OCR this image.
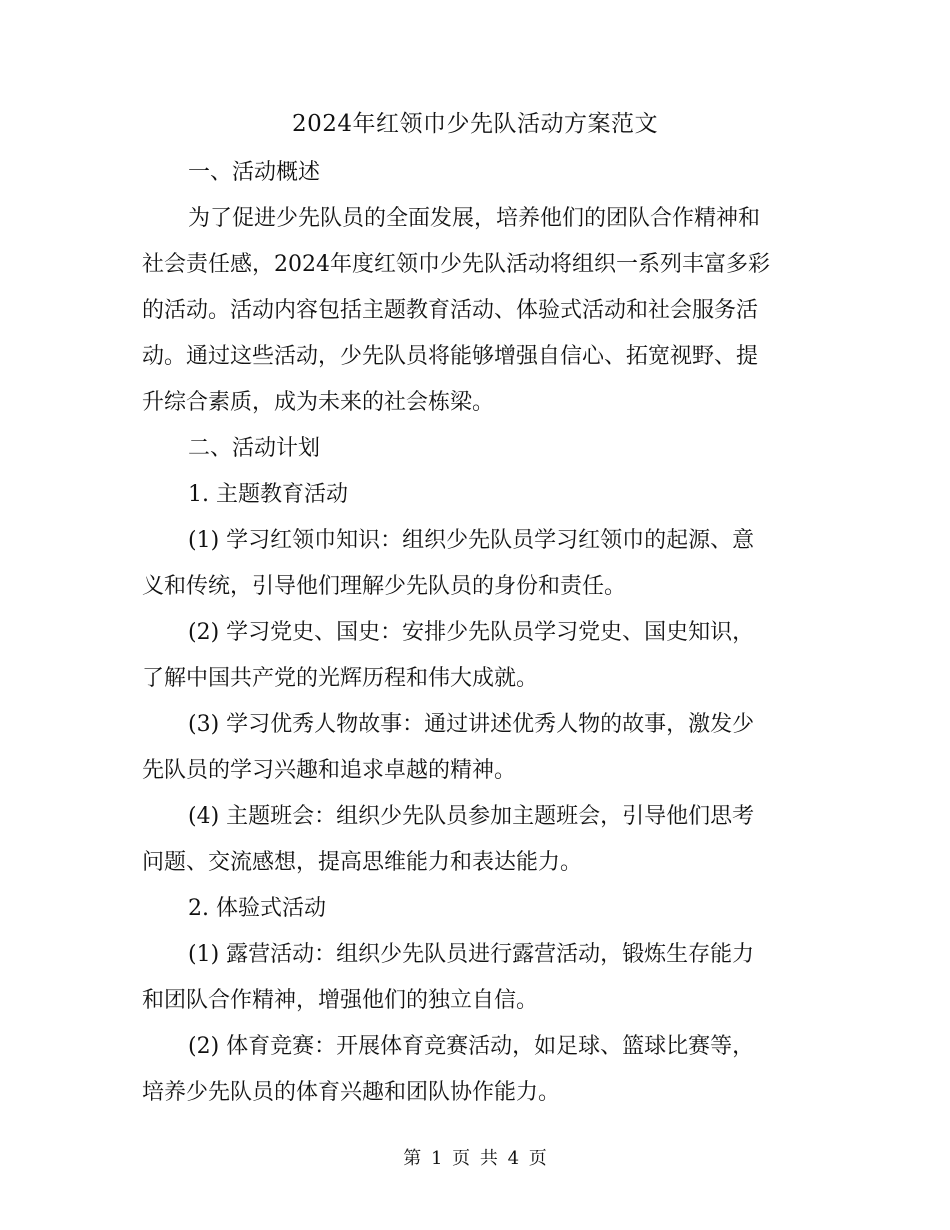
2024年红领巾少先队活动方案范文
一、活动概述
为了促进少先队员的全面发展，培养他们的团队合作精神和
社会责任感，2024年度红领巾少先队活动将组织一系列丰富多彩
的活动。活动内容包括主题教育活动、体验式活动和社会服务活
动。通过这些活动，少先队员将能够增强自信心、拓宽视野、提
升综合素质，成为未来的社会栋梁。
二、活动计划
1. 主题教育活动
(1) 学习红领巾知识：组织少先队员学习红领巾的起源、意
义和传统，引导他们理解少先队员的身份和责任。
(2) 学习党史、国史：安排少先队员学习党史、国史知识，
了解中国共产党的光辉历程和伟大成就。
(3) 学习优秀人物故事：通过讲述优秀人物的故事，激发少
先队员的学习兴趣和追求卓越的精神。
(4) 主题班会：组织少先队员参加主题班会，引导他们思考
问题、交流感想，提高思维能力和表达能力。
2. 体验式活动
(1) 露营活动：组织少先队员进行露营活动，锻炼生存能力
和团队合作精神，增强他们的独立自信。
(2) 体育竞赛：开展体育竞赛活动，如足球、篮球比赛等，
培养少先队员的体育兴趣和团队协作能力。
第 1 页 共 4 页
